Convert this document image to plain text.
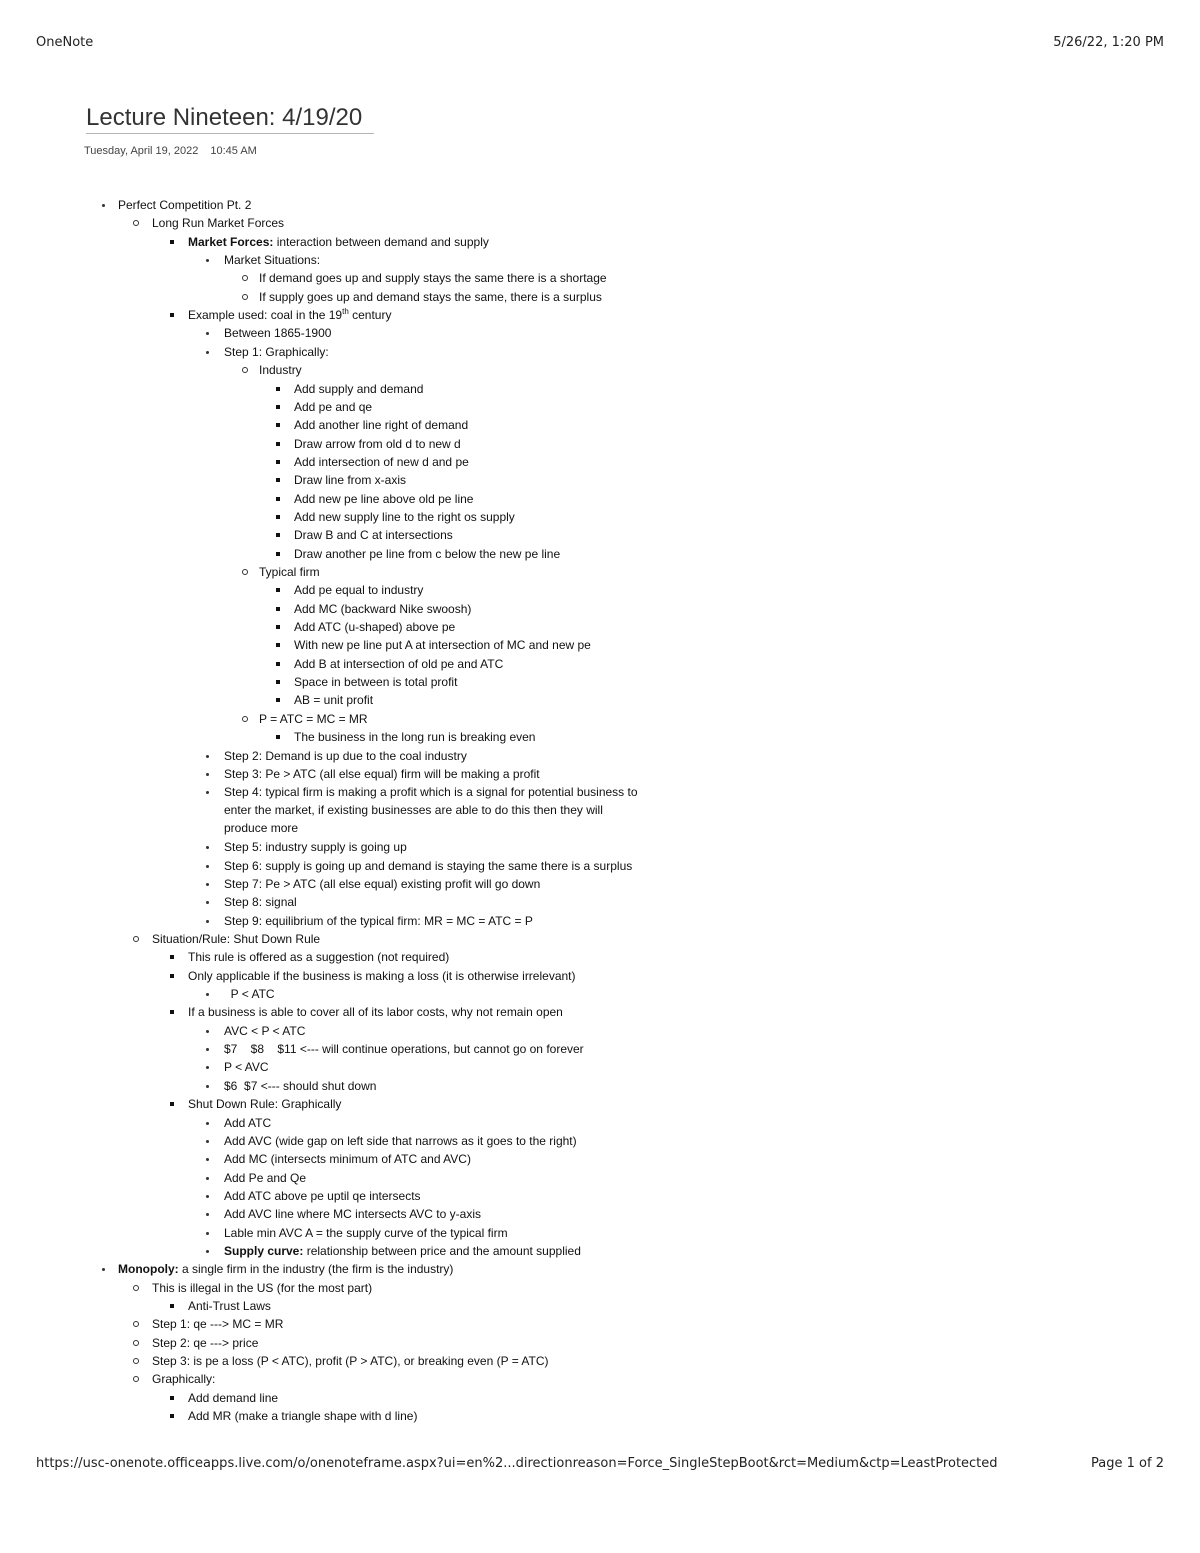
OneNote	5/26/22, 1:20 PM
Lecture Nineteen: 4/19/20
Tuesday, April 19, 2022 10:45 AM
Perfect Competition Pt. 2
Long Run Market Forces
Market Forces: interaction between demand and supply
Market Situations:
If demand goes up and supply stays the same there is a shortage
If supply goes up and demand stays the same, there is a surplus
Example used: coal in the 19th century
Between 1865-1900
Step 1: Graphically:
Industry
Add supply and demand
Add pe and qe
Add another line right of demand
Draw arrow from old d to new d
Add intersection of new d and pe
Draw line from x-axis
Add new pe line above old pe line
Add new supply line to the right os supply
Draw B and C at intersections
Draw another pe line from c below the new pe line
Typical firm
Add pe equal to industry
Add MC (backward Nike swoosh)
Add ATC (u-shaped) above pe
With new pe line put A at intersection of MC and new pe
Add B at intersection of old pe and ATC
Space in between is total profit
AB = unit profit
P = ATC = MC = MR
The business in the long run is breaking even
Step 2: Demand is up due to the coal industry
Step 3: Pe > ATC (all else equal) firm will be making a profit
Step 4: typical firm is making a profit which is a signal for potential business to
enter the market, if existing businesses are able to do this then they will
produce more
Step 5: industry supply is going up
Step 6: supply is going up and demand is staying the same there is a surplus
Step 7: Pe > ATC (all else equal) existing profit will go down
Step 8: signal
Step 9: equilibrium of the typical firm: MR = MC = ATC = P
Situation/Rule: Shut Down Rule
This rule is offered as a suggestion (not required)
Only applicable if the business is making a loss (it is otherwise irrelevant)
P < ATC
If a business is able to cover all of its labor costs, why not remain open
AVC < P < ATC
$7    $8    $11 <--- will continue operations, but cannot go on forever
P < AVC
$6  $7 <--- should shut down
Shut Down Rule: Graphically
Add ATC
Add AVC (wide gap on left side that narrows as it goes to the right)
Add MC (intersects minimum of ATC and AVC)
Add Pe and Qe
Add ATC above pe uptil qe intersects
Add AVC line where MC intersects AVC to y-axis
Lable min AVC A = the supply curve of the typical firm
Supply curve: relationship between price and the amount supplied
Monopoly: a single firm in the industry (the firm is the industry)
This is illegal in the US (for the most part)
Anti-Trust Laws
Step 1: qe ---> MC = MR
Step 2: qe ---> price
Step 3: is pe a loss (P < ATC), profit (P > ATC), or breaking even (P = ATC)
Graphically:
Add demand line
Add MR (make a triangle shape with d line)
https://usc-onenote.officeapps.live.com/o/onenoteframe.aspx?ui=en%2...directionreason=Force_SingleStepBoot&rct=Medium&ctp=LeastProtected	Page 1 of 2
